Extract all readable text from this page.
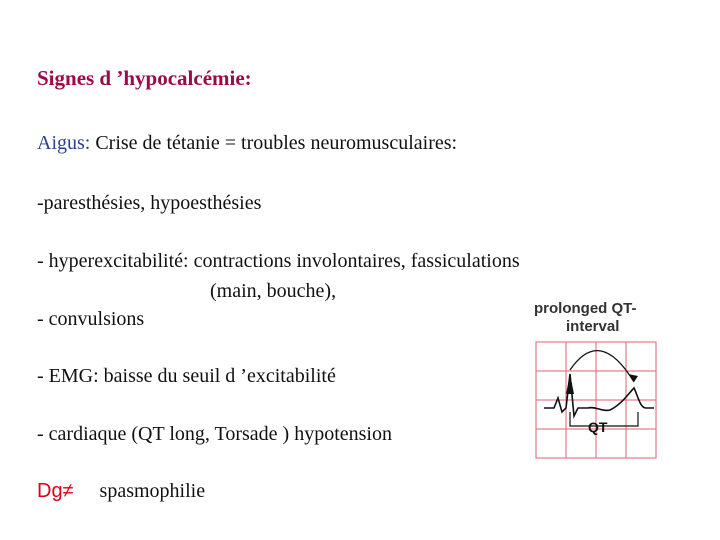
Signes d ’hypocalcémie:
Aigus: Crise de tétanie = troubles neuromusculaires:
-paresthésies, hypoesthésies
- hyperexcitabilité: contractions involontaires, fassiculations
(main, bouche),
- convulsions
- EMG: baisse du seuil d ’excitabilité
- cardiaque (QT long, Torsade ) hypotension
Dg≠ spasmophilie
prolonged QT-
interval
QT
